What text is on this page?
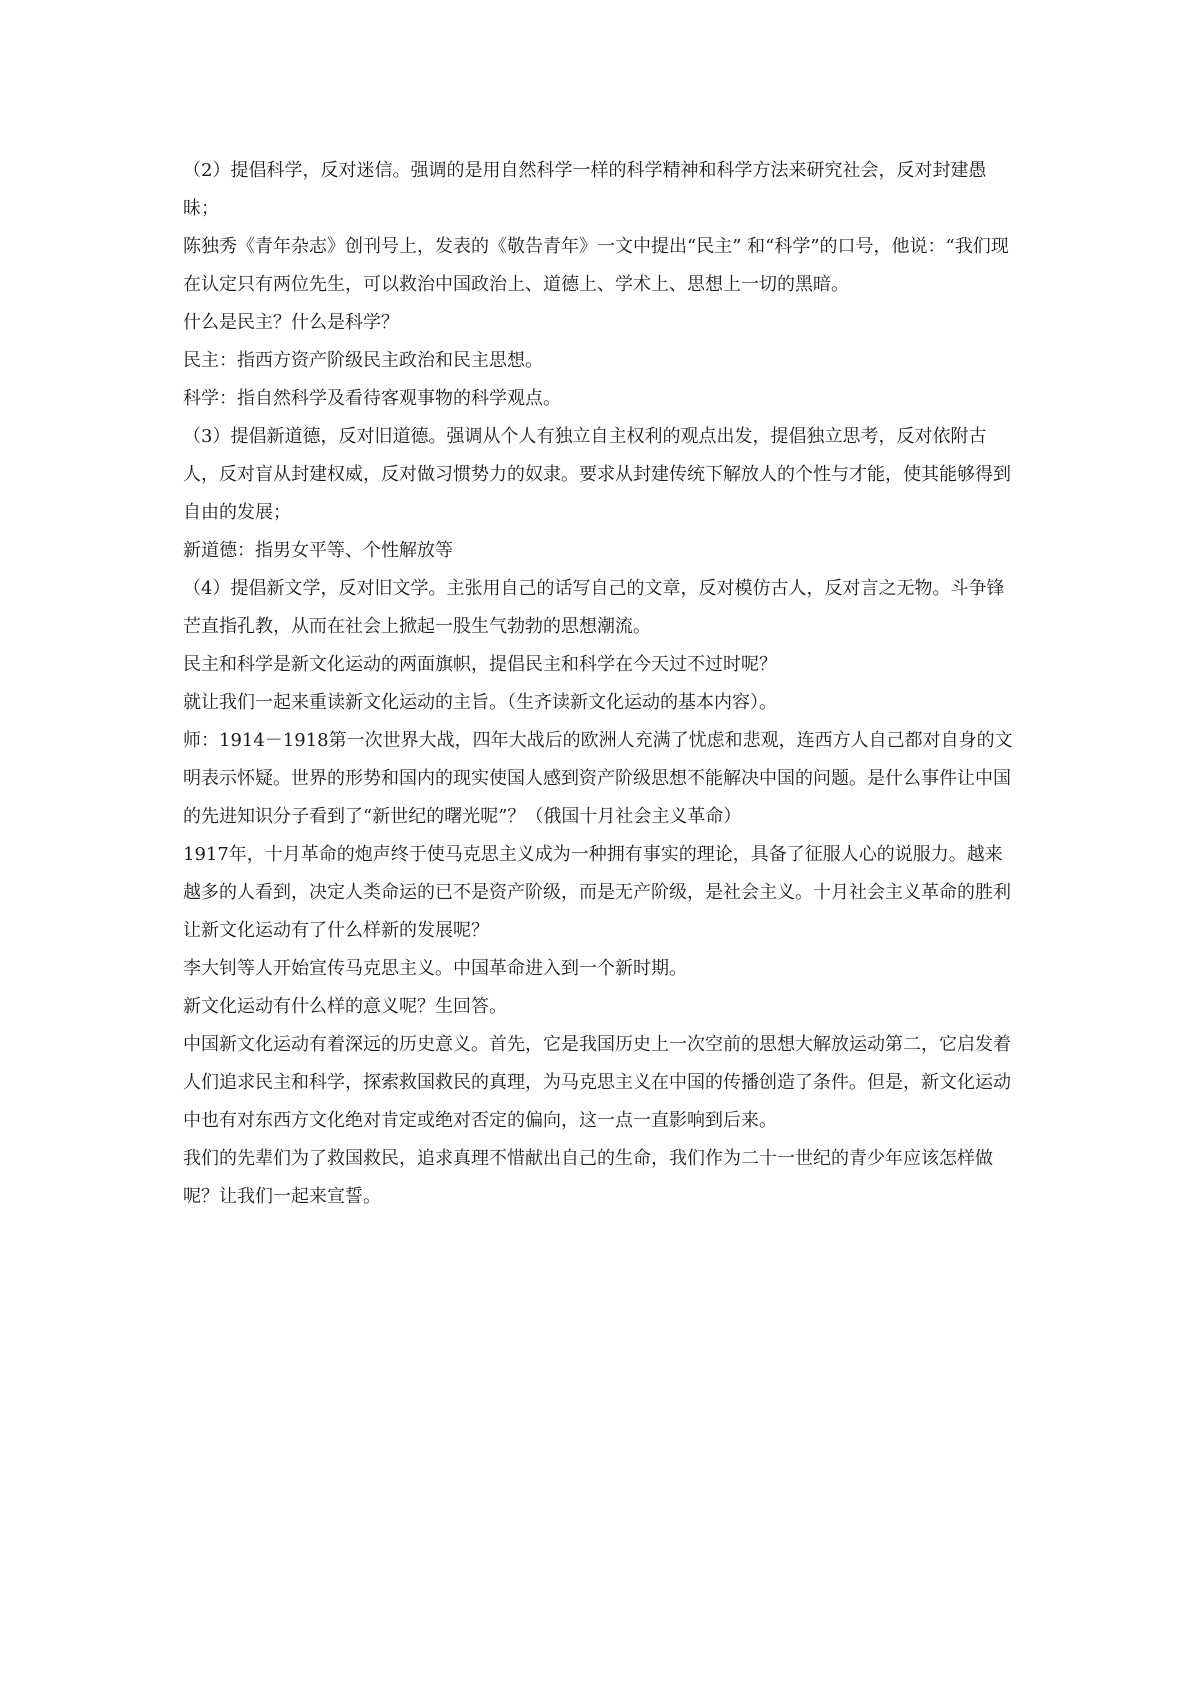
（2）提倡科学，反对迷信。强调的是用自然科学一样的科学精神和科学方法来研究社会，反对封建愚昧；

陈独秀《青年杂志》创刊号上，发表的《敬告青年》一文中提出“民主” 和“科学”的口号，他说：“我们现在认定只有两位先生，可以救治中国政治上、道德上、学术上、思想上一切的黑暗。

什么是民主？什么是科学？

民主：指西方资产阶级民主政治和民主思想。

科学：指自然科学及看待客观事物的科学观点。

（3）提倡新道德，反对旧道德。强调从个人有独立自主权利的观点出发，提倡独立思考，反对依附古人，反对盲从封建权威，反对做习惯势力的奴隶。要求从封建传统下解放人的个性与才能，使其能够得到自由的发展；

新道德：指男女平等、个性解放等

（4）提倡新文学，反对旧文学。主张用自己的话写自己的文章，反对模仿古人，反对言之无物。斗争锋芒直指孔教，从而在社会上掀起一股生气勃勃的思想潮流。

民主和科学是新文化运动的两面旗帜，提倡民主和科学在今天过不过时呢？

就让我们一起来重读新文化运动的主旨。（生齐读新文化运动的基本内容）。

师：1914－1918第一次世界大战，四年大战后的欧洲人充满了忧虑和悲观，连西方人自己都对自身的文明表示怀疑。世界的形势和国内的现实使国人感到资产阶级思想不能解决中国的问题。是什么事件让中国的先进知识分子看到了“新世纪的曙光呢”？（俄国十月社会主义革命）

1917年，十月革命的炮声终于使马克思主义成为一种拥有事实的理论，具备了征服人心的说服力。越来越多的人看到，决定人类命运的已不是资产阶级，而是无产阶级，是社会主义。十月社会主义革命的胜利让新文化运动有了什么样新的发展呢？

李大钊等人开始宣传马克思主义。中国革命进入到一个新时期。

新文化运动有什么样的意义呢？生回答。

中国新文化运动有着深远的历史意义。首先，它是我国历史上一次空前的思想大解放运动第二，它启发着人们追求民主和科学，探索救国救民的真理，为马克思主义在中国的传播创造了条件。但是，新文化运动中也有对东西方文化绝对肯定或绝对否定的偏向，这一点一直影响到后来。

我们的先辈们为了救国救民，追求真理不惜献出自己的生命，我们作为二十一世纪的青少年应该怎样做呢？让我们一起来宣誓。
